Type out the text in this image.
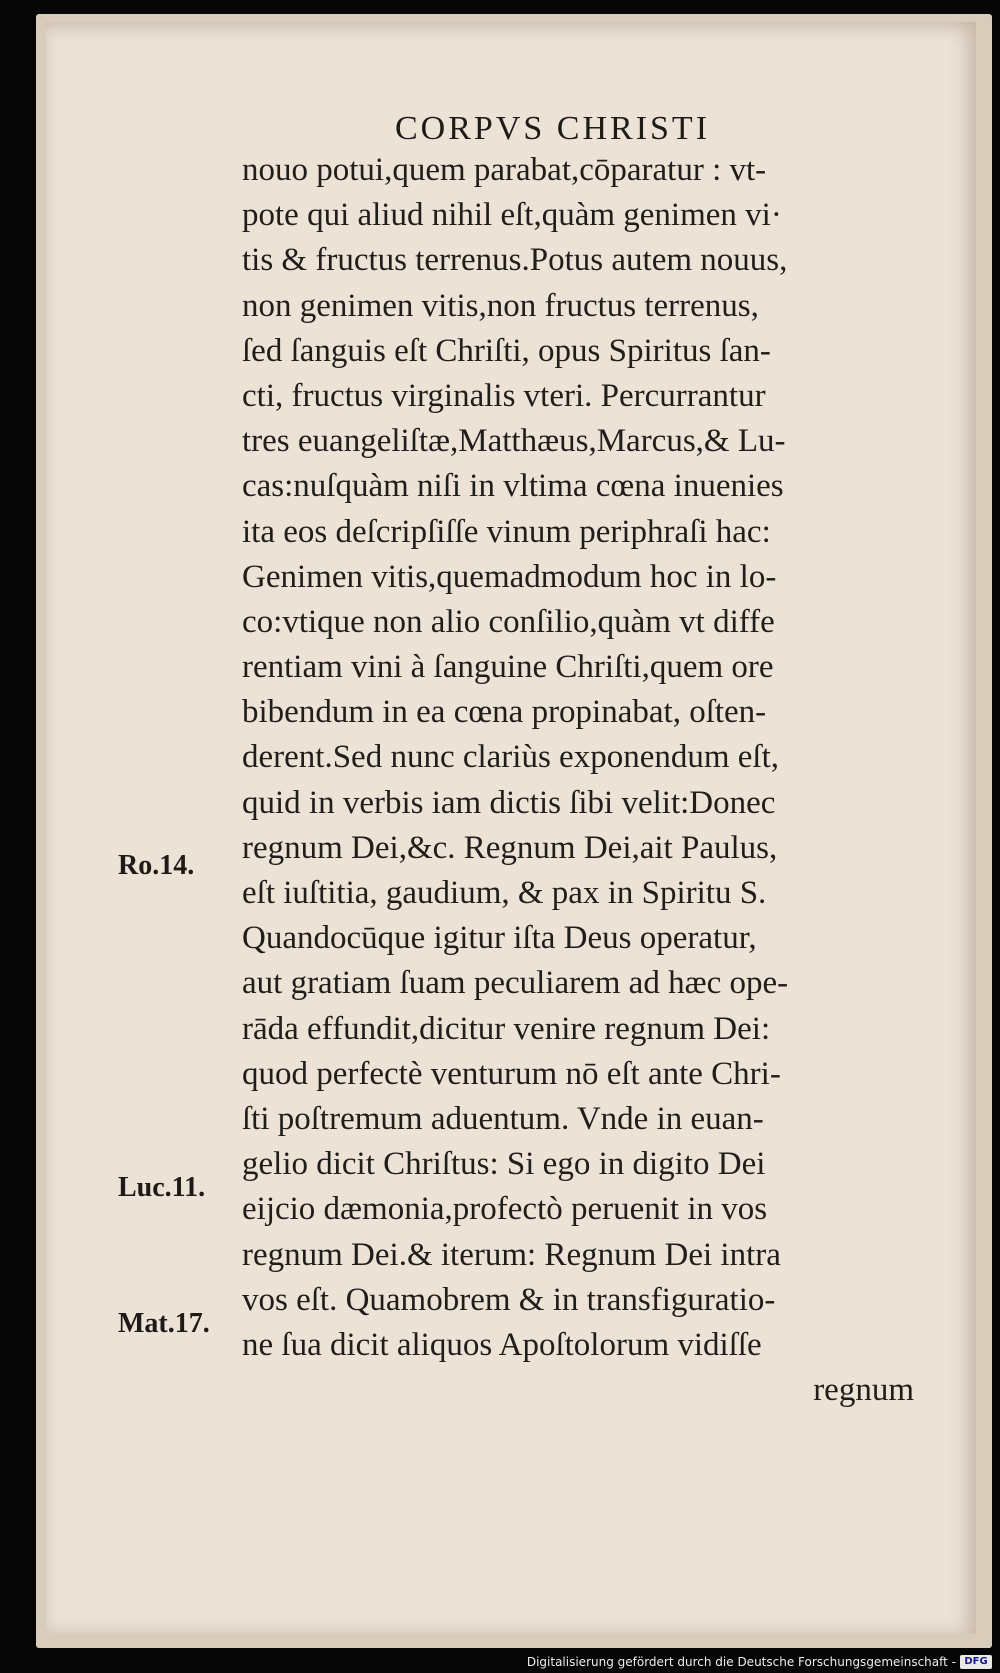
CORPVS CHRISTI
nouo potui,quem parabat,cōparatur : vt-
pote qui aliud nihil eſt,quàm genimen vi·
tis & fructus terrenus.Potus autem nouus,
non genimen vitis,non fructus terrenus,
ſed ſanguis eſt Chriſti, opus Spiritus ſan-
cti, fructus virginalis vteri. Percurrantur
tres euangeliſtæ,Matthæus,Marcus,& Lu-
cas:nuſquàm niſi in vltima cœna inuenies
ita eos deſcripſiſſe vinum periphraſi hac:
Genimen vitis,quemadmodum hoc in lo-
co:vtique non alio conſilio,quàm vt diffe
rentiam vini à ſanguine Chriſti,quem ore
bibendum in ea cœna propinabat, oſten-
derent.Sed nunc clariùs exponendum eſt,
quid in verbis iam dictis ſibi velit:Donec
regnum Dei,&c. Regnum Dei,ait Paulus,
eſt iuſtitia, gaudium, & pax in Spiritu S.
Quandocūque igitur iſta Deus operatur,
aut gratiam ſuam peculiarem ad hæc ope-
rāda effundit,dicitur venire regnum Dei:
quod perfectè venturum nō eſt ante Chri-
ſti poſtremum aduentum. Vnde in euan-
gelio dicit Chriſtus: Si ego in digito Dei
eijcio dæmonia,profectò peruenit in vos
regnum Dei.& iterum: Regnum Dei intra
vos eſt. Quamobrem & in transfiguratio-
ne ſua dicit aliquos Apoſtolorum vidiſſe
regnum
Ro.14.
Luc.11.
Mat.17.
Digitalisierung gefördert durch die Deutsche Forschungsgemeinschaft - DFG
